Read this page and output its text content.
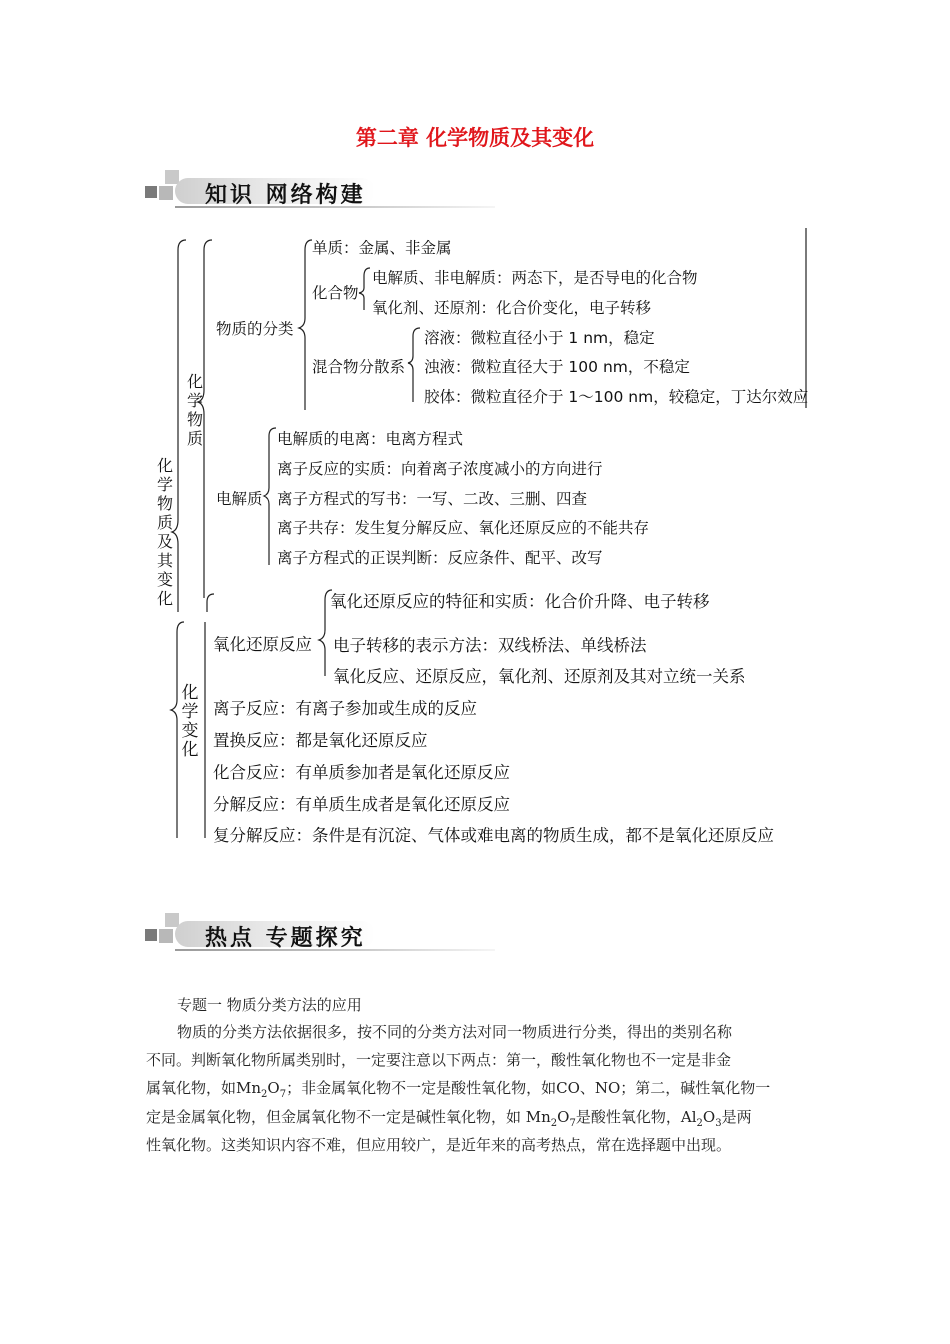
第二章 化学物质及其变化
知识 网络构建
化学物质及其变化
化学物质
化学变化
物质的分类
单质：金属、非金属
化合物
电解质、非电解质：两态下，是否导电的化合物
氧化剂、还原剂：化合价变化，电子转移
混合物分散系
溶液：微粒直径小于 1 nm，稳定
浊液：微粒直径大于 100 nm，不稳定
胶体：微粒直径介于 1～100 nm，较稳定，丁达尔效应
电解质
电解质的电离：电离方程式
离子反应的实质：向着离子浓度减小的方向进行
离子方程式的写书：一写、二改、三删、四查
离子共存：发生复分解反应、氧化还原反应的不能共存
离子方程式的正误判断：反应条件、配平、改写
氧化还原反应
氧化还原反应的特征和实质：化合价升降、电子转移
电子转移的表示方法：双线桥法、单线桥法
氧化反应、还原反应，氧化剂、还原剂及其对立统一关系
离子反应：有离子参加或生成的反应
置换反应：都是氧化还原反应
化合反应：有单质参加者是氧化还原反应
分解反应：有单质生成者是氧化还原反应
复分解反应：条件是有沉淀、气体或难电离的物质生成，都不是氧化还原反应
热点 专题探究
专题一 物质分类方法的应用
物质的分类方法依据很多，按不同的分类方法对同一物质进行分类，得出的类别名称
不同。判断氧化物所属类别时，一定要注意以下两点：第一，酸性氧化物也不一定是非金
属氧化物，如$Mn_2O_7$；非金属氧化物不一定是酸性氧化物，如CO、NO；第二，碱性氧化物一
定是金属氧化物，但金属氧化物不一定是碱性氧化物，如 $Mn_2O_7$是酸性氧化物，$Al_2O_3$是两
性氧化物。这类知识内容不难，但应用较广，是近年来的高考热点，常在选择题中出现。
